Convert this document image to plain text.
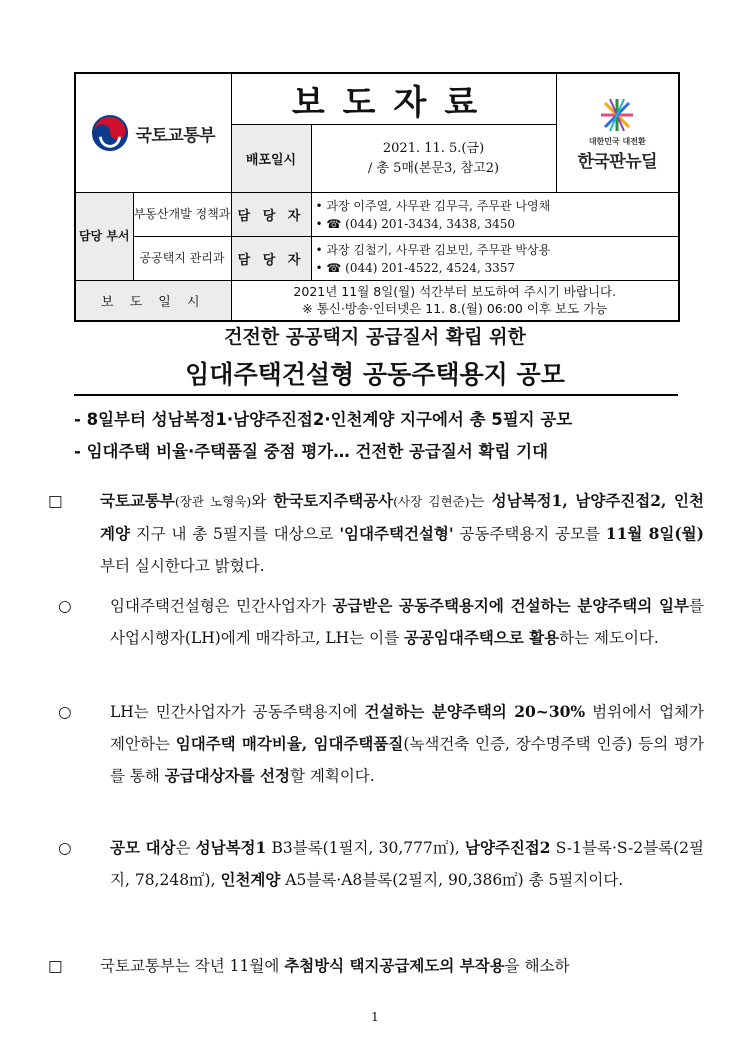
국토교통부		보도자료		대한민국 대전환
한국판뉴딜

		배포일시	2021. 11. 5.(금)
/ 총 5매(본문3, 참고2)	

담당 부서	부동산개발 정책과	담 당 자	• 과장 이주열, 사무관 김무극, 주무관 나영채
• ☎ (044) 201-3434, 3438, 3450	

	공공택지 관리과	담 당 자	• 과장 김철기, 사무관 김보민, 주무관 박상용
• ☎ (044) 201-4522, 4524, 3357	

보 도 일 시		2021년 11월 8일(월) 석간부터 보도하여 주시기 바랍니다.
※ 통신·방송·인터넷은 11. 8.(월) 06:00 이후 보도 가능		
건전한 공공택지 공급질서 확립 위한
임대주택건설형 공동주택용지 공모
- 8일부터 성남복정1·남양주진접2·인천계양 지구에서 총 5필지 공모
- 임대주택 비율·주택품질 중점 평가… 건전한 공급질서 확립 기대
□ 국토교통부(장관 노형욱)와 한국토지주택공사(사장 김현준)는 성남복정1, 남양주진접2, 인천계양 지구 내 총 5필지를 대상으로 '임대주택건설형' 공동주택용지 공모를 11월 8일(월)부터 실시한다고 밝혔다.
○ 임대주택건설형은 민간사업자가 공급받은 공동주택용지에 건설하는 분양주택의 일부를 사업시행자(LH)에게 매각하고, LH는 이를 공공임대주택으로 활용하는 제도이다.
○ LH는 민간사업자가 공동주택용지에 건설하는 분양주택의 20~30% 범위에서 업체가 제안하는 임대주택 매각비율, 임대주택품질(녹색건축 인증, 장수명주택 인증) 등의 평가를 통해 공급대상자를 선정할 계획이다.
○ 공모 대상은 성남복정1 B3블록(1필지, 30,777㎡), 남양주진접2 S-1블록·S-2블록(2필지, 78,248㎡), 인천계양 A5블록·A8블록(2필지, 90,386㎡) 총 5필지이다.
□ 국토교통부는 작년 11월에 추첨방식 택지공급제도의 부작용을 해소하
1
